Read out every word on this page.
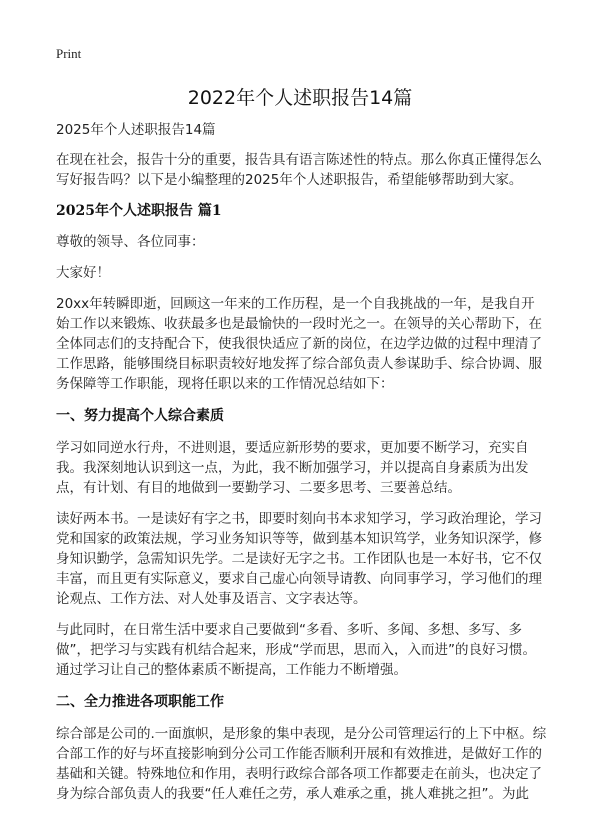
Print
2022年个人述职报告14篇

2025年个人述职报告14篇

在现在社会，报告十分的重要，报告具有语言陈述性的特点。那么你真正懂得怎么写好报告吗？以下是小编整理的2025年个人述职报告，希望能够帮助到大家。

2025年个人述职报告 篇1

尊敬的领导、各位同事：

大家好！

20xx年转瞬即逝，回顾这一年来的工作历程，是一个自我挑战的一年，是我自开始工作以来锻炼、收获最多也是最愉快的一段时光之一。在领导的关心帮助下，在全体同志们的支持配合下，使我很快适应了新的岗位，在边学边做的过程中理清了工作思路，能够围绕目标职责较好地发挥了综合部负责人参谋助手、综合协调、服务保障等工作职能，现将任职以来的工作情况总结如下：

一、努力提高个人综合素质

学习如同逆水行舟，不进则退，要适应新形势的要求，更加要不断学习，充实自我。我深刻地认识到这一点，为此，我不断加强学习，并以提高自身素质为出发点，有计划、有目的地做到一要勤学习、二要多思考、三要善总结。

读好两本书。一是读好有字之书，即要时刻向书本求知学习，学习政治理论，学习党和国家的政策法规，学习业务知识等等，做到基本知识笃学，业务知识深学，修身知识勤学，急需知识先学。二是读好无字之书。工作团队也是一本好书，它不仅丰富，而且更有实际意义，要求自己虚心向领导请教、向同事学习，学习他们的理论观点、工作方法、对人处事及语言、文字表达等。

与此同时，在日常生活中要求自己要做到“多看、多听、多闻、多想、多写、多做”，把学习与实践有机结合起来，形成“学而思，思而入，入而进”的良好习惯。通过学习让自己的整体素质不断提高，工作能力不断增强。

二、全力推进各项职能工作

综合部是公司的.一面旗帜，是形象的集中表现，是分公司管理运行的上下中枢。综合部工作的好与坏直接影响到分公司工作能否顺利开展和有效推进，是做好工作的基础和关键。特殊地位和作用，表明行政综合部各项工作都要走在前头，也决定了身为综合部负责人的我要“任人难任之劳，承人难承之重，挑人难挑之担”。为此
